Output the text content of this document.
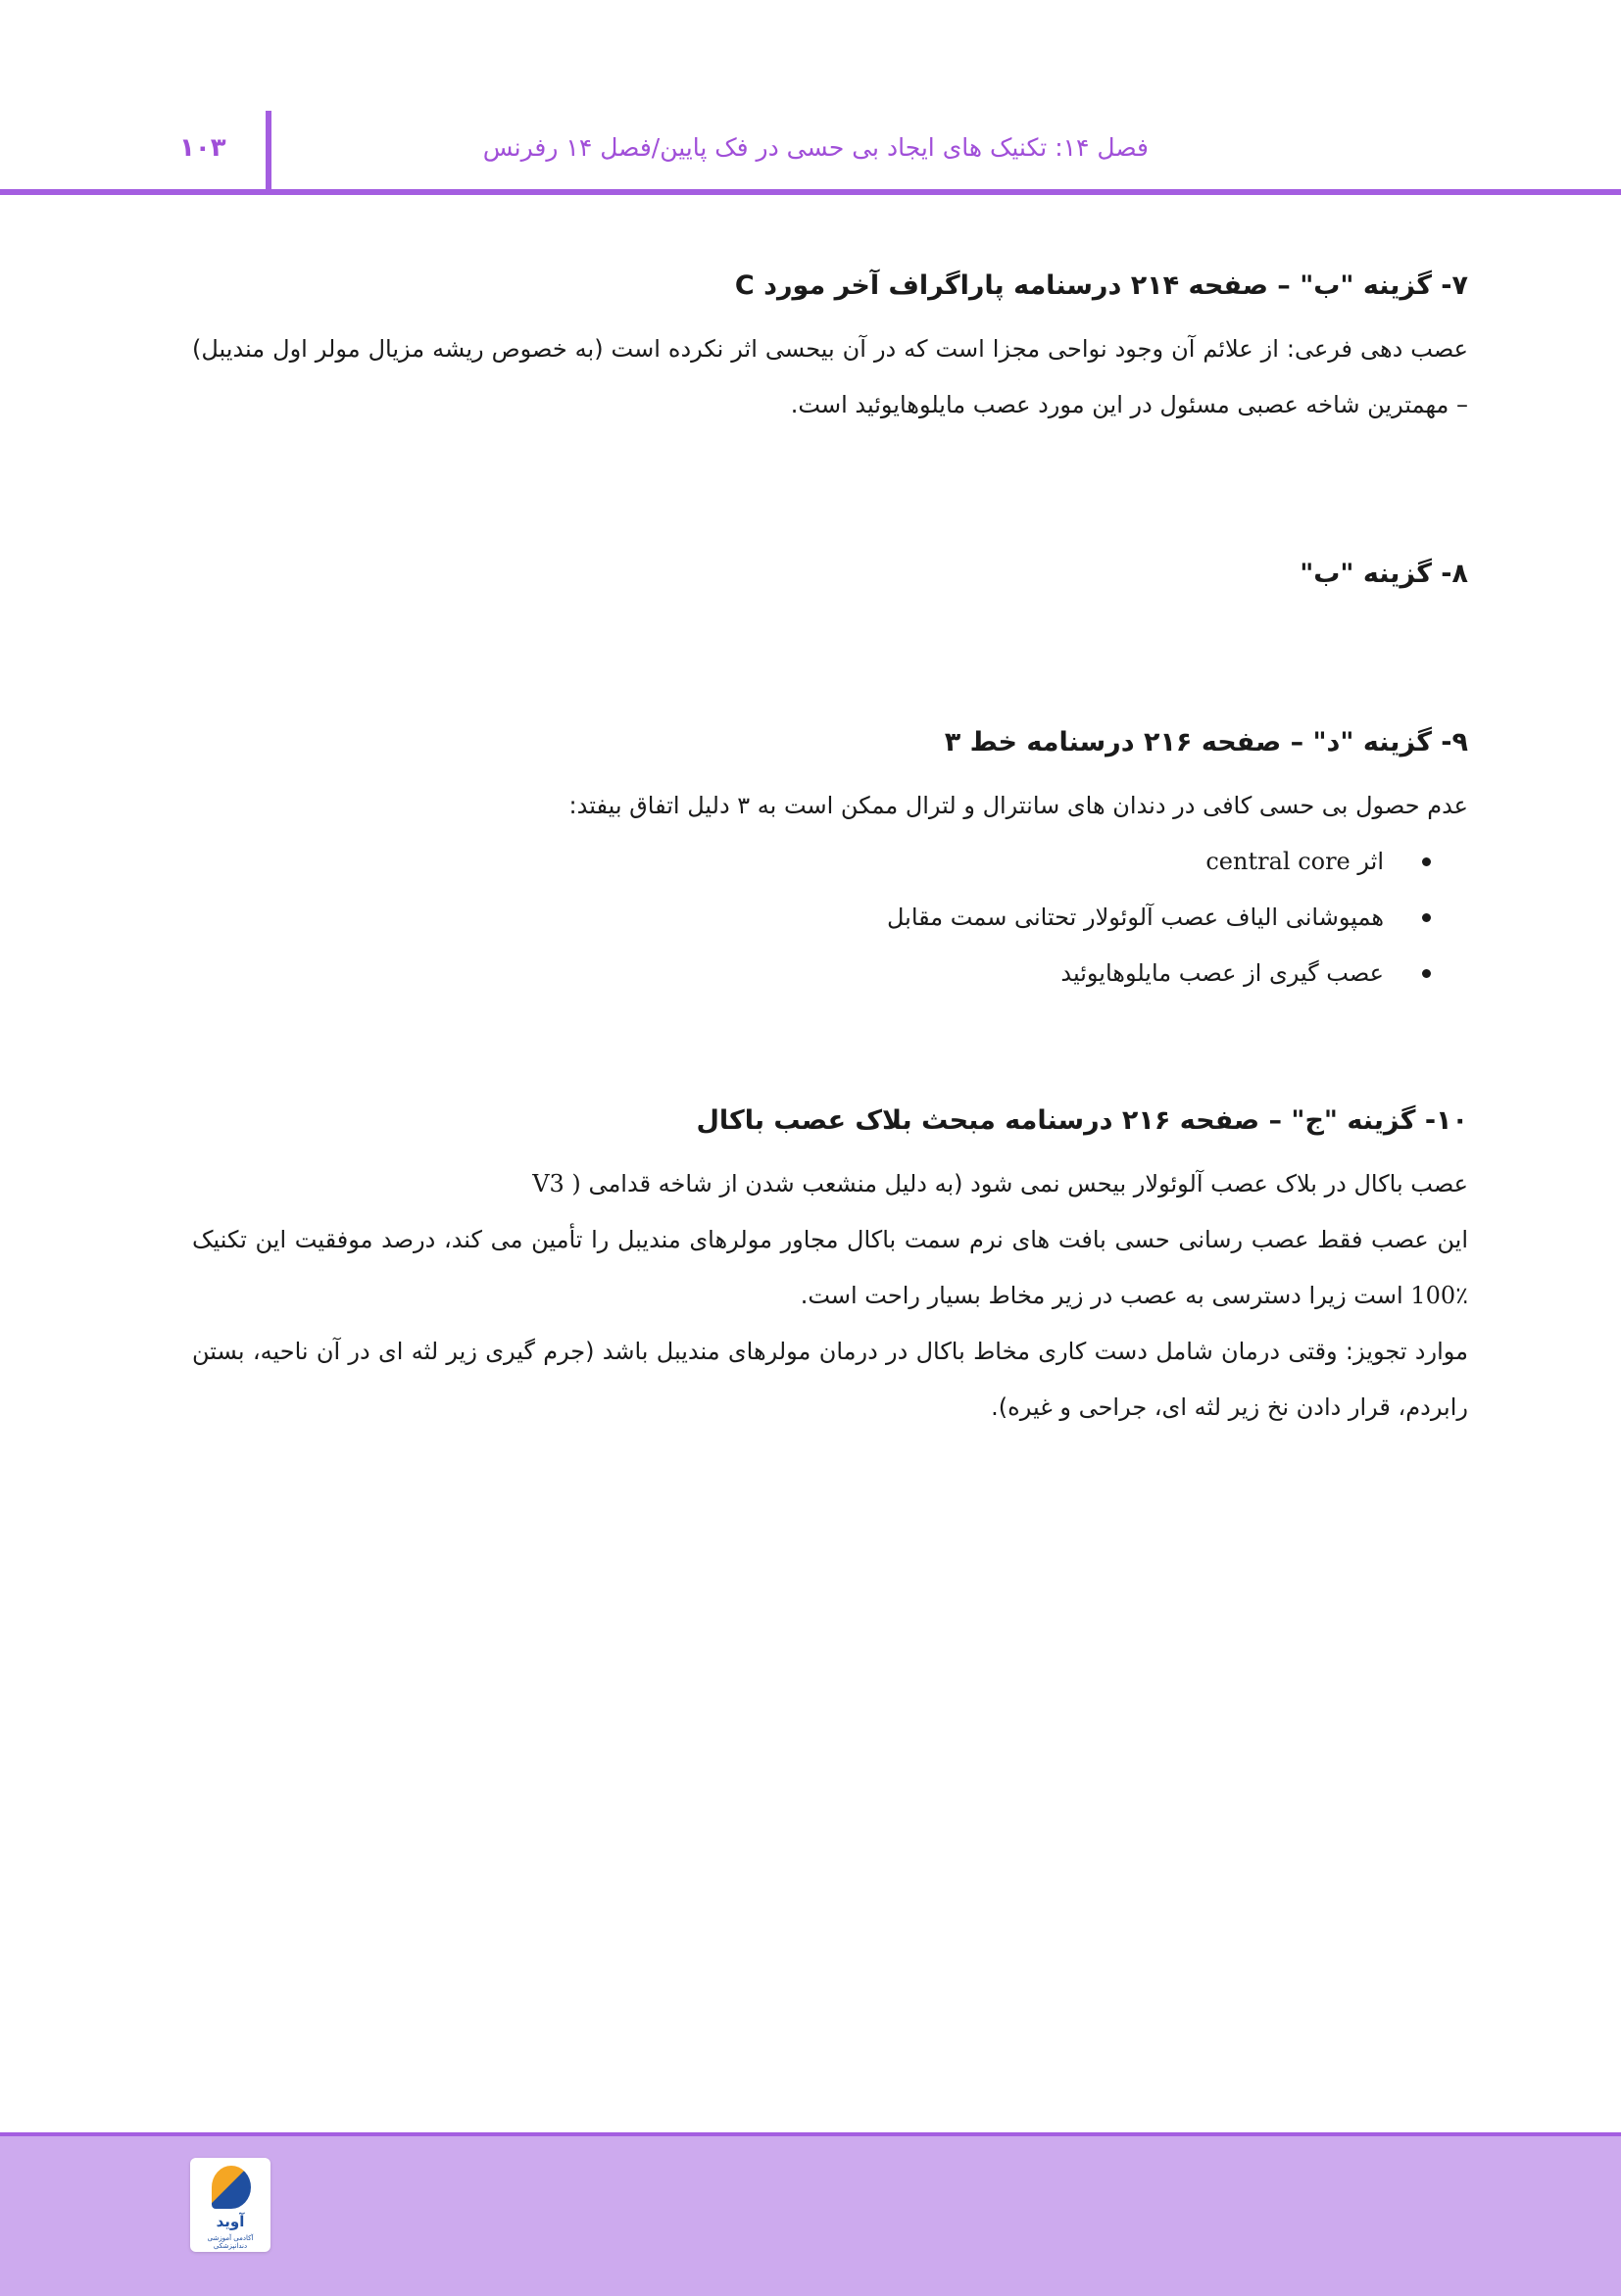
فصل ۱۴: تکنیک های ایجاد بی حسی در فک پایین/فصل ۱۴ رفرنس
۱۰۳
۷- گزینه "ب" – صفحه ۲۱۴ درسنامه پاراگراف آخر مورد C

عصب دهی فرعی: از علائم آن وجود نواحی مجزا است که در آن بیحسی اثر نکرده است (به خصوص ریشه مزیال مولر اول مندیبل) – مهمترین شاخه عصبی مسئول در این مورد عصب مایلوهایوئید است.

۸- گزینه "ب"
۹- گزینه "د" – صفحه ۲۱۶ درسنامه خط ۳

عدم حصول بی حسی کافی در دندان های سانترال و لترال ممکن است به ۳ دلیل اتفاق بیفتد:

اثر central core
همپوشانی الیاف عصب آلوئولار تحتانی سمت مقابل
عصب گیری از عصب مایلوهایوئید
۱۰- گزینه "ج" – صفحه ۲۱۶ درسنامه مبحث بلاک عصب باکال

عصب باکال در بلاک عصب آلوئولار بیحس نمی شود (به دلیل منشعب شدن از شاخه قدامی V3 )

این عصب فقط عصب رسانی حسی بافت های نرم سمت باکال مجاور مولرهای مندیبل را تأمین می کند، درصد موفقیت این تکنیک 100٪ است زیرا دسترسی به عصب در زیر مخاط بسیار راحت است.

موارد تجویز: وقتی درمان شامل دست کاری مخاط باکال در درمان مولرهای مندیبل باشد (جرم گیری زیر لثه ای در آن ناحیه، بستن رابردم، قرار دادن نخ زیر لثه ای، جراحی و غیره).

آوید
آکادمی آموزشی دندانپزشکی
